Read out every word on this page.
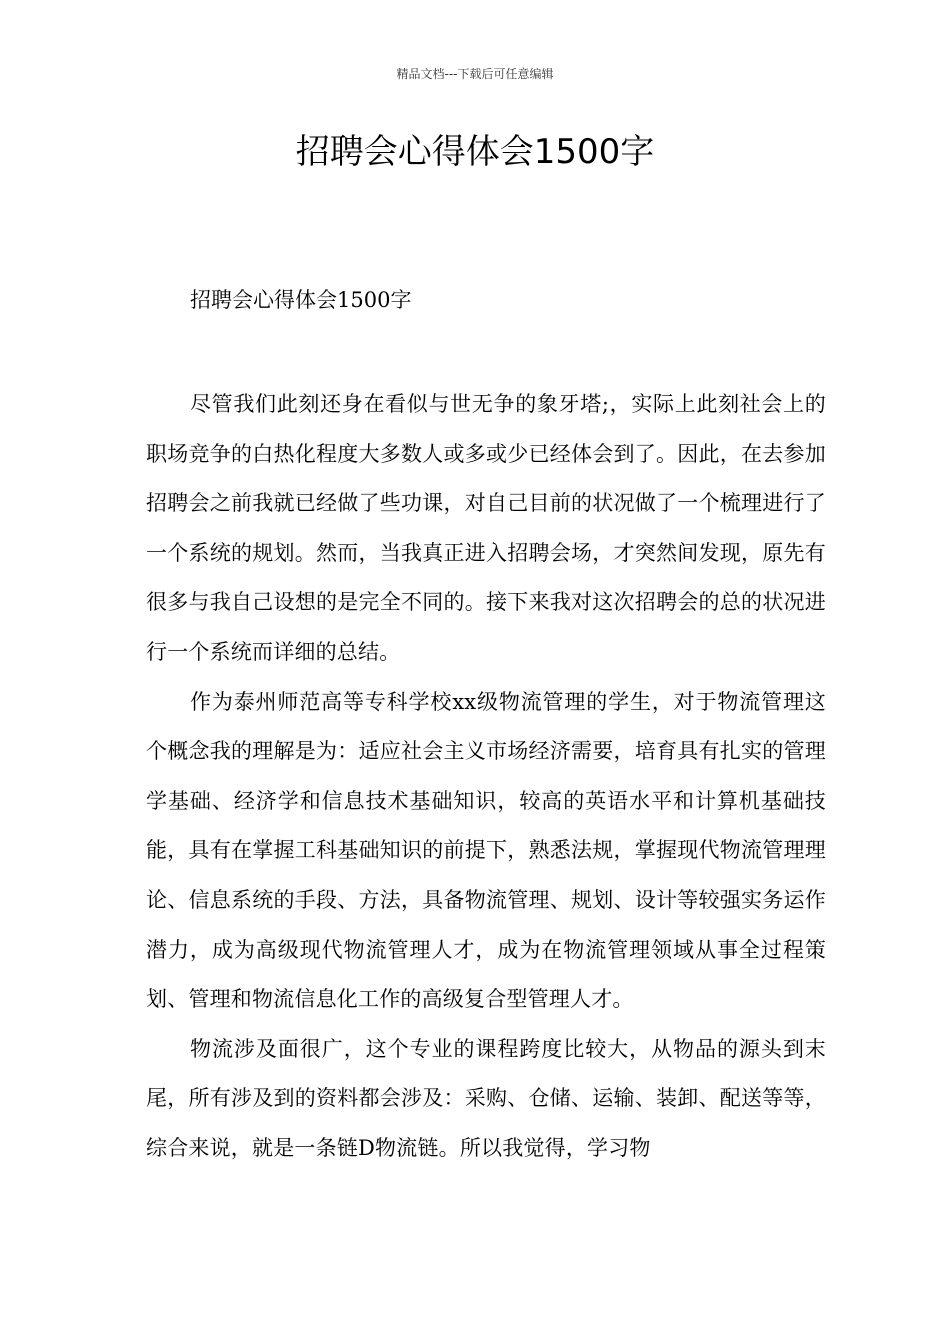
精品文档---下载后可任意编辑
招聘会心得体会1500字

招聘会心得体会1500字

尽管我们此刻还身在看似与世无争的象牙塔;，实际上此刻社会上的职场竞争的白热化程度大多数人或多或少已经体会到了。因此，在去参加招聘会之前我就已经做了些功课，对自己目前的状况做了一个梳理进行了一个系统的规划。然而，当我真正进入招聘会场，才突然间发现，原先有很多与我自己设想的是完全不同的。接下来我对这次招聘会的总的状况进行一个系统而详细的总结。

作为泰州师范高等专科学校xx级物流管理的学生，对于物流管理这个概念我的理解是为：适应社会主义市场经济需要，培育具有扎实的管理学基础、经济学和信息技术基础知识，较高的英语水平和计算机基础技能，具有在掌握工科基础知识的前提下，熟悉法规，掌握现代物流管理理论、信息系统的手段、方法，具备物流管理、规划、设计等较强实务运作潜力，成为高级现代物流管理人才，成为在物流管理领域从事全过程策划、管理和物流信息化工作的高级复合型管理人才。

物流涉及面很广，这个专业的课程跨度比较大，从物品的源头到末尾，所有涉及到的资料都会涉及：采购、仓储、运输、装卸、配送等等，综合来说，就是一条链D物流链。所以我觉得，学习物
